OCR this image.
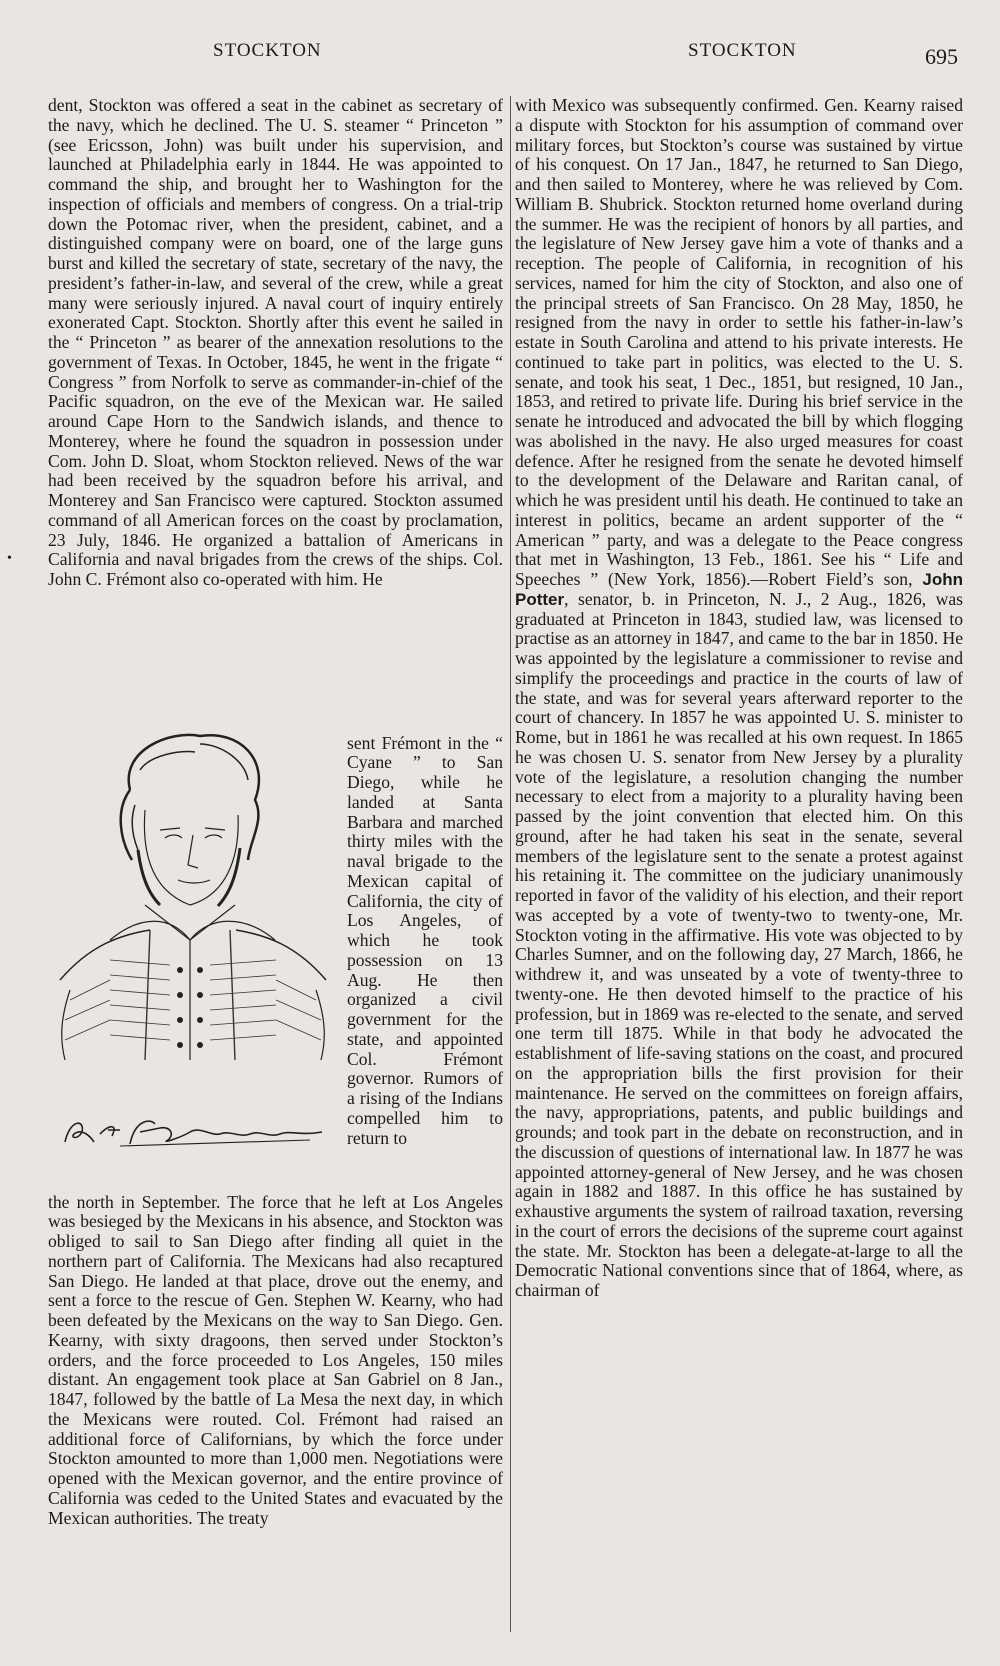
STOCKTON	STOCKTON	695
•

dent, Stockton was offered a seat in the cabinet as secretary of the navy, which he declined. The U. S. steamer “ Princeton ” (see Ericsson, John) was built under his supervision, and launched at Philadelphia early in 1844. He was appointed to command the ship, and brought her to Washington for the inspection of officials and members of congress. On a trial-trip down the Potomac river, when the president, cabinet, and a distinguished company were on board, one of the large guns burst and killed the secretary of state, secretary of the navy, the president’s father-in-law, and several of the crew, while a great many were seriously injured. A naval court of inquiry entirely exonerated Capt. Stockton. Shortly after this event he sailed in the “ Princeton ” as bearer of the annexation resolutions to the government of Texas. In October, 1845, he went in the frigate “ Congress ” from Norfolk to serve as commander-in-chief of the Pacific squadron, on the eve of the Mexican war. He sailed around Cape Horn to the Sandwich islands, and thence to Monterey, where he found the squadron in possession under Com. John D. Sloat, whom Stockton relieved. News of the war had been received by the squadron before his arrival, and Monterey and San Francisco were captured. Stockton assumed command of all American forces on the coast by proclamation, 23 July, 1846. He organized a battalion of Americans in California and naval brigades from the crews of the ships. Col. John C. Frémont also co-operated with him. He

R. F. Stockton

sent Frémont in the “ Cyane ” to San Diego, while he landed at Santa Barbara and marched thirty miles with the naval brigade to the Mexican capital of California, the city of Los Angeles, of which he took possession on 13 Aug. He then organized a civil government for the state, and appointed Col. Frémont governor. Rumors of a rising of the Indians compelled him to return to

the north in September. The force that he left at Los Angeles was besieged by the Mexicans in his absence, and Stockton was obliged to sail to San Diego after finding all quiet in the northern part of California. The Mexicans had also recaptured San Diego. He landed at that place, drove out the enemy, and sent a force to the rescue of Gen. Stephen W. Kearny, who had been defeated by the Mexicans on the way to San Diego. Gen. Kearny, with sixty dragoons, then served under Stockton’s orders, and the force proceeded to Los Angeles, 150 miles distant. An engagement took place at San Gabriel on 8 Jan., 1847, followed by the battle of La Mesa the next day, in which the Mexicans were routed. Col. Frémont had raised an additional force of Californians, by which the force under Stockton amounted to more than 1,000 men. Negotiations were opened with the Mexican governor, and the entire province of California was ceded to the United States and evacuated by the Mexican authorities. The treaty

with Mexico was subsequently confirmed. Gen. Kearny raised a dispute with Stockton for his assumption of command over military forces, but Stockton’s course was sustained by virtue of his conquest. On 17 Jan., 1847, he returned to San Diego, and then sailed to Monterey, where he was relieved by Com. William B. Shubrick. Stockton returned home overland during the summer. He was the recipient of honors by all parties, and the legislature of New Jersey gave him a vote of thanks and a reception. The people of California, in recognition of his services, named for him the city of Stockton, and also one of the principal streets of San Francisco. On 28 May, 1850, he resigned from the navy in order to settle his father-in-law’s estate in South Carolina and attend to his private interests. He continued to take part in politics, was elected to the U. S. senate, and took his seat, 1 Dec., 1851, but resigned, 10 Jan., 1853, and retired to private life. During his brief service in the senate he introduced and advocated the bill by which flogging was abolished in the navy. He also urged measures for coast defence. After he resigned from the senate he devoted himself to the development of the Delaware and Raritan canal, of which he was president until his death. He continued to take an interest in politics, became an ardent supporter of the “ American ” party, and was a delegate to the Peace congress that met in Washington, 13 Feb., 1861. See his “ Life and Speeches ” (New York, 1856).—Robert Field’s son, John Potter, senator, b. in Princeton, N. J., 2 Aug., 1826, was graduated at Princeton in 1843, studied law, was licensed to practise as an attorney in 1847, and came to the bar in 1850. He was appointed by the legislature a commissioner to revise and simplify the proceedings and practice in the courts of law of the state, and was for several years afterward reporter to the court of chancery. In 1857 he was appointed U. S. minister to Rome, but in 1861 he was recalled at his own request. In 1865 he was chosen U. S. senator from New Jersey by a plurality vote of the legislature, a resolution changing the number necessary to elect from a majority to a plurality having been passed by the joint convention that elected him. On this ground, after he had taken his seat in the senate, several members of the legislature sent to the senate a protest against his retaining it. The committee on the judiciary unanimously reported in favor of the validity of his election, and their report was accepted by a vote of twenty-two to twenty-one, Mr. Stockton voting in the affirmative. His vote was objected to by Charles Sumner, and on the following day, 27 March, 1866, he withdrew it, and was unseated by a vote of twenty-three to twenty-one. He then devoted himself to the practice of his profession, but in 1869 was re-elected to the senate, and served one term till 1875. While in that body he advocated the establishment of life-saving stations on the coast, and procured on the appropriation bills the first provision for their maintenance. He served on the committees on foreign affairs, the navy, appropriations, patents, and public buildings and grounds; and took part in the debate on reconstruction, and in the discussion of questions of international law. In 1877 he was appointed attorney-general of New Jersey, and he was chosen again in 1882 and 1887. In this office he has sustained by exhaustive arguments the system of railroad taxation, reversing in the court of errors the decisions of the supreme court against the state. Mr. Stockton has been a delegate-at-large to all the Democratic National conventions since that of 1864, where, as chairman of
